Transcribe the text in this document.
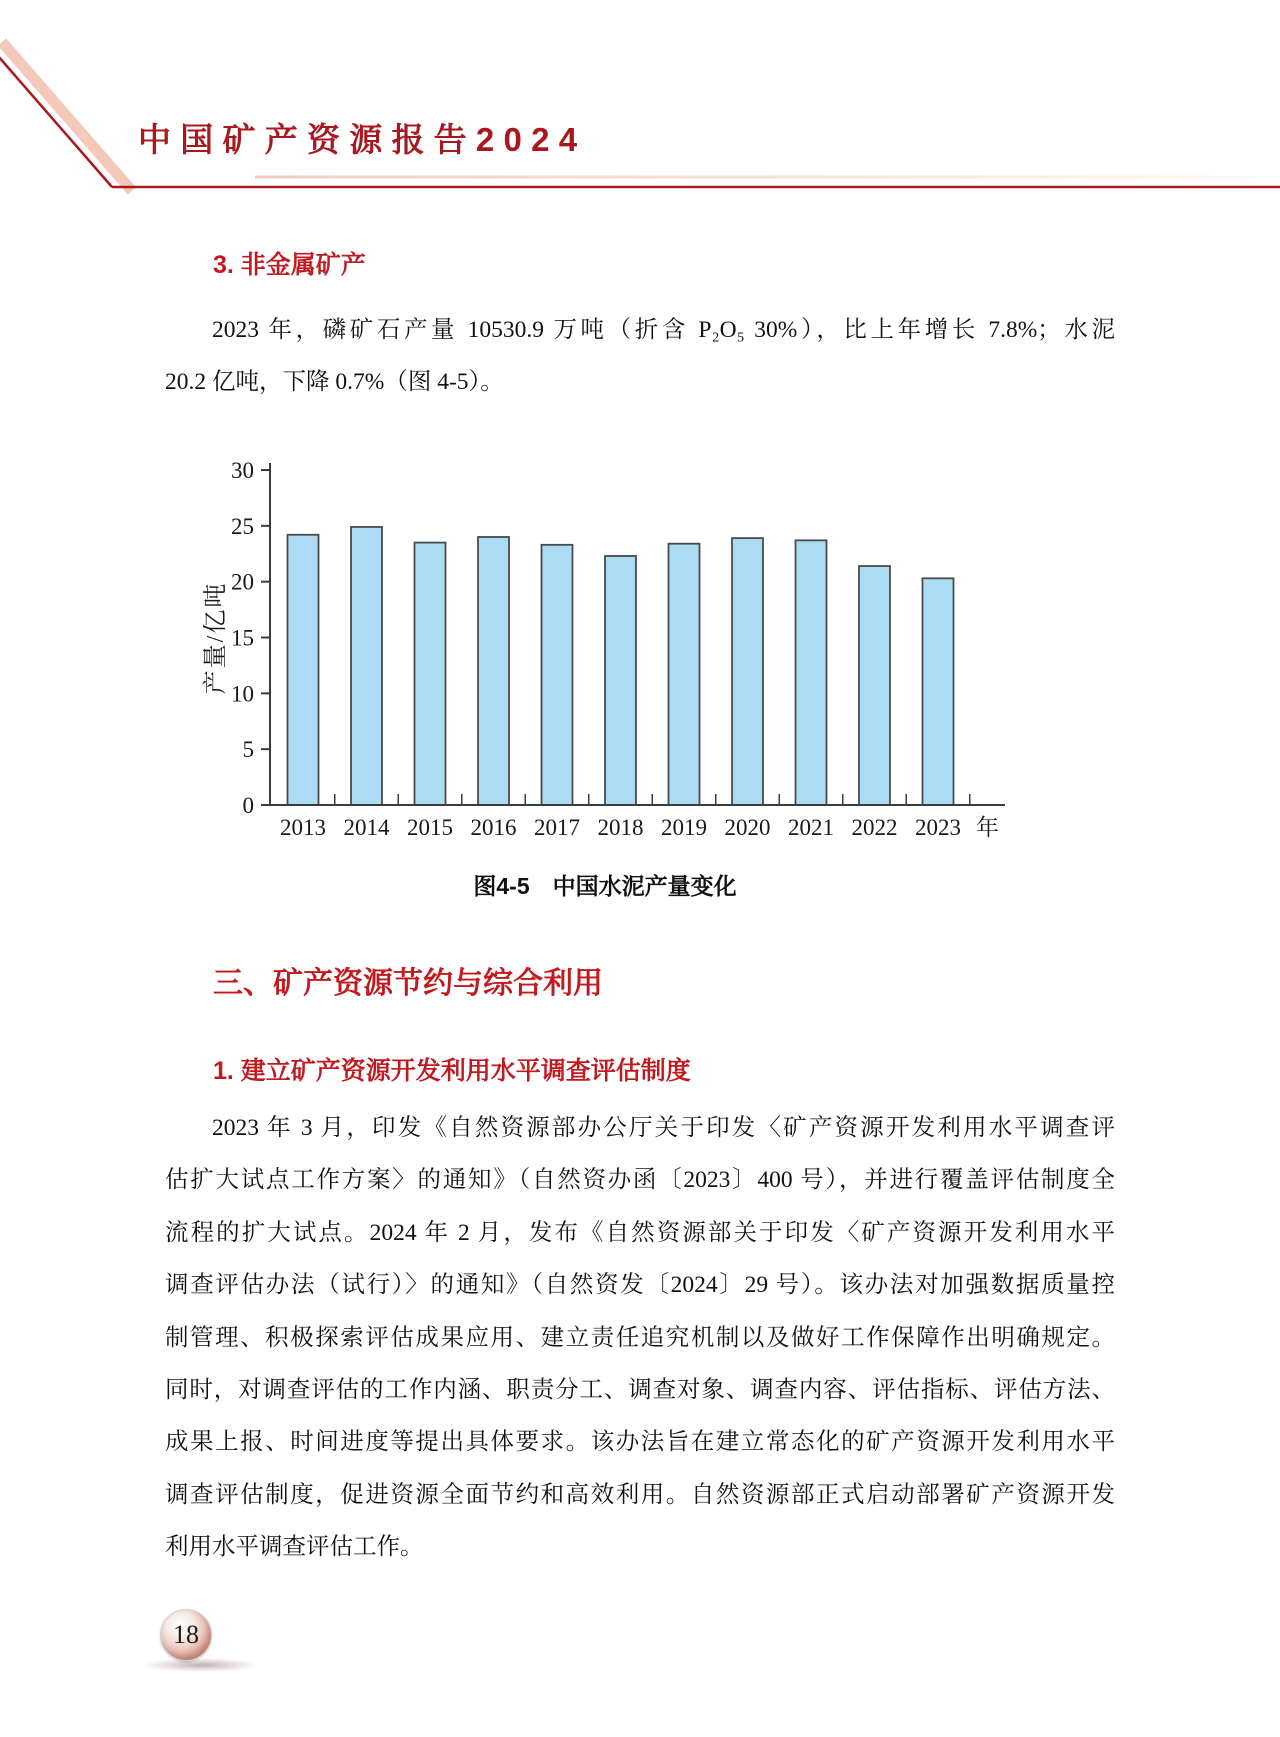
中国矿产资源报告2024
3. 非金属矿产
2023 年，磷矿石产量 10530.9 万吨（折含 P₂O₅ 30%），比上年增长 7.8%；水泥
20.2 亿吨，下降 0.7%（图 4-5）。
0
5
10
15
20
25
30
2013 2014 2015 2016 2017 2018 2019 2020 2021 2022 2023 年
产量/亿吨
图4-5　中国水泥产量变化
三、矿产资源节约与综合利用
1. 建立矿产资源开发利用水平调查评估制度
2023 年 3 月，印发《自然资源部办公厅关于印发〈矿产资源开发利用水平调查评
估扩大试点工作方案〉的通知》（自然资办函〔2023〕400 号），并进行覆盖评估制度全
流程的扩大试点。2024 年 2 月，发布《自然资源部关于印发〈矿产资源开发利用水平
调查评估办法（试行）〉的通知》（自然资发〔2024〕29 号）。该办法对加强数据质量控
制管理、积极探索评估成果应用、建立责任追究机制以及做好工作保障作出明确规定。
同时，对调查评估的工作内涵、职责分工、调查对象、调查内容、评估指标、评估方法、
成果上报、时间进度等提出具体要求。该办法旨在建立常态化的矿产资源开发利用水平
调查评估制度，促进资源全面节约和高效利用。自然资源部正式启动部署矿产资源开发
利用水平调查评估工作。
18
